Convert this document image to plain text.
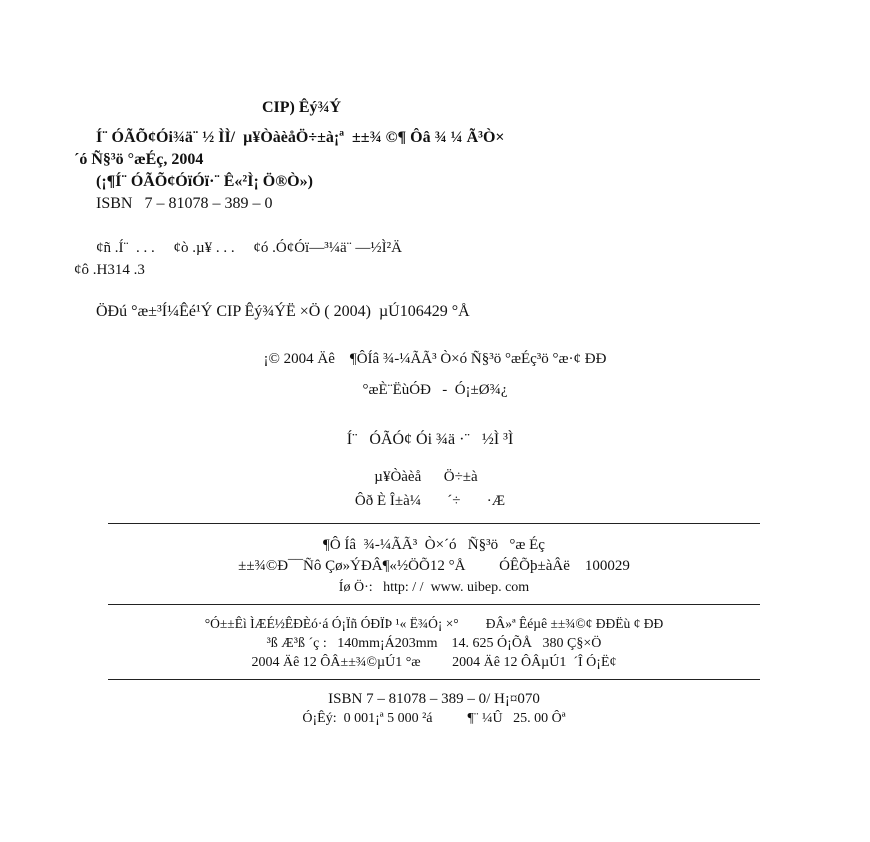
CIP) Êý¾Ý
Í¨ ÓÃÕ¢Ói¾ä¨ ½ ÌÌ/  µ¥ÒàèåÖ÷±à¡ª  ±±¾ ©¶ Ôâ ¾ ¼ Ã³Ò×
´ó Ñ§³ö °æÉç, 2004
(¡¶Í¨ ÓÃÕ¢ÓïÓï·¨ Ê«²Ì¡ Ö®Ò»)
ISBN   7 – 81078 – 389 – 0
¢ñ .Í¨  . . .     ¢ò .µ¥ . . .     ¢ó .Ó¢Óï—³¼ä¨ —½Ì²Ä
¢ô .H314 .3
ÖÐú °æ±³Í¼Êé¹Ý CIP Êý¾ÝË ×Ö ( 2004)  µÚ106429 °Å
¡© 2004 Äê    ¶ÔÍâ ¾-¼ÃÃ³ Ò×ó Ñ§³ö °æÉç³ö °æ·¢ ÐÐ
°æÈ¨ËùÓÐ   -  Ó¡±Ø¾¿
Í¨   ÓÃÓ¢ Ói ¾ä ·¨   ½Ì ³Ì
µ¥Òàèå      Ö÷±à
Ôð È Î±à¼       ´÷       ·Æ
¶Ô Íâ  ¾-¼ÃÃ³  Ò×´ó   Ñ§³ö   °æ Éç
±±¾©Ð¯¯Ñô Çø»ÝÐÂ¶«½ÖÕ12 °Å         ÓÊÕþ±àÂë    100029
Íø Ö·:   http: / /  www. uibep. com
°Ó±±Êì ÌÆÉ½ÊÐÈó·á Ó¡Ïñ ÓÐÏÞ ¹« Ë¾Ó¡ ×°        ÐÂ»ª Êéµê ±±¾©¢ ÐÐËù ¢ ÐÐ
³ß Æ³ß ´ç :   140mm¡Á203mm    14. 625 Ó¡ÕÅ   380 Ç§×Ö
2004 Äê 12 ÔÂ±±¾©µÚ1 °æ         2004 Äê 12 ÔÂµÚ1  ´Î Ó¡Ë¢
ISBN 7 – 81078 – 389 – 0/ H¡¤070
Ó¡Êý:  0 001¡ª 5 000 ²á          ¶¨ ¼Û   25. 00 Ôª
